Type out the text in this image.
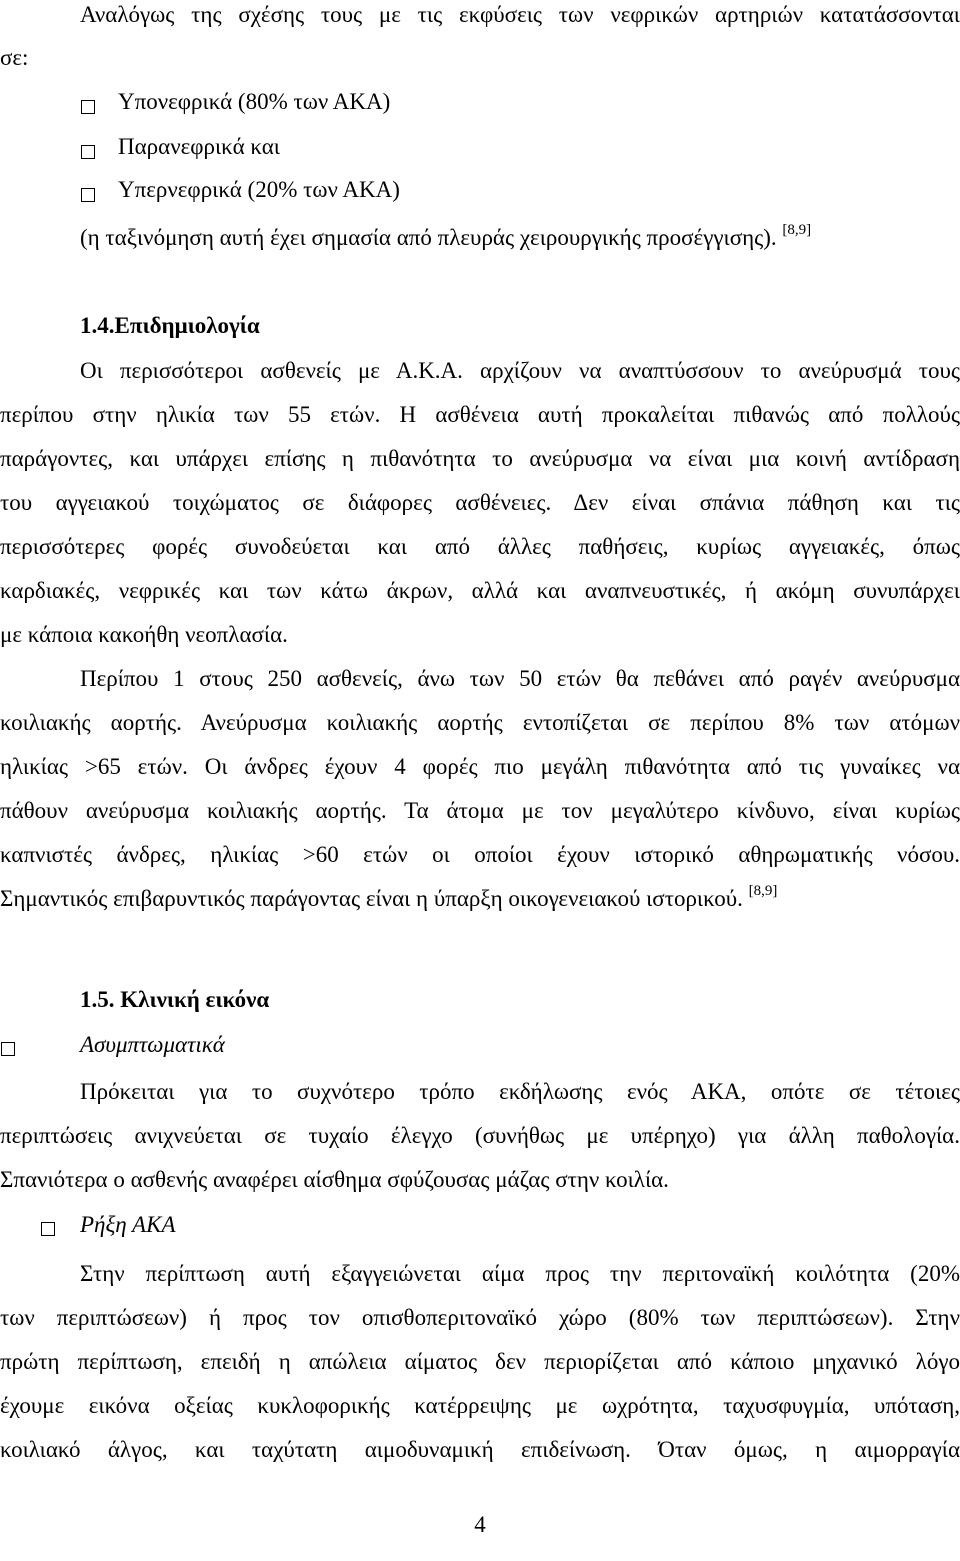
Αναλόγως της σχέσης τους με τις εκφύσεις των νεφρικών αρτηριών κατατάσσονται
σε:
Υπονεφρικά (80% των ΑΚΑ)
Παρανεφρικά και
Υπερνεφρικά (20% των ΑΚΑ)
(η ταξινόμηση αυτή έχει σημασία από πλευράς χειρουργικής προσέγγισης). [8,9]
1.4.Επιδημιολογία
Οι περισσότεροι ασθενείς με Α.Κ.Α. αρχίζουν να αναπτύσσουν το ανεύρυσμά τους
περίπου στην ηλικία των 55 ετών. Η ασθένεια αυτή προκαλείται πιθανώς από πολλούς
παράγοντες, και υπάρχει επίσης η πιθανότητα το ανεύρυσμα να είναι μια κοινή αντίδραση
του αγγειακού τοιχώματος σε διάφορες ασθένειες. Δεν είναι σπάνια πάθηση και τις
περισσότερες φορές συνοδεύεται και από άλλες παθήσεις, κυρίως αγγειακές, όπως
καρδιακές, νεφρικές και των κάτω άκρων, αλλά και αναπνευστικές, ή ακόμη συνυπάρχει
με κάποια κακοήθη νεοπλασία.
Περίπου 1 στους 250 ασθενείς, άνω των 50 ετών θα πεθάνει από ραγέν ανεύρυσμα
κοιλιακής αορτής. Ανεύρυσμα κοιλιακής αορτής εντοπίζεται σε περίπου 8% των ατόμων
ηλικίας >65 ετών. Οι άνδρες έχουν 4 φορές πιο μεγάλη πιθανότητα από τις γυναίκες να
πάθουν ανεύρυσμα κοιλιακής αορτής. Τα άτομα με τον μεγαλύτερο κίνδυνο, είναι κυρίως
καπνιστές άνδρες, ηλικίας >60 ετών οι οποίοι έχουν ιστορικό αθηρωματικής νόσου.
Σημαντικός επιβαρυντικός παράγοντας είναι η ύπαρξη οικογενειακού ιστορικού. [8,9]
1.5. Κλινική εικόνα
Ασυμπτωματικά
Πρόκειται για το συχνότερο τρόπο εκδήλωσης ενός ΑΚΑ, οπότε σε τέτοιες
περιπτώσεις ανιχνεύεται σε τυχαίο έλεγχο (συνήθως με υπέρηχο) για άλλη παθολογία.
Σπανιότερα ο ασθενής αναφέρει αίσθημα σφύζουσας μάζας στην κοιλία.
Ρήξη ΑΚΑ
Στην περίπτωση αυτή εξαγγειώνεται αίμα προς την περιτοναϊκή κοιλότητα (20%
των περιπτώσεων) ή προς τον οπισθοπεριτοναϊκό χώρο (80% των περιπτώσεων). Στην
πρώτη περίπτωση, επειδή η απώλεια αίματος δεν περιορίζεται από κάποιο μηχανικό λόγο
έχουμε εικόνα οξείας κυκλοφορικής κατέρρειψης με ωχρότητα, ταχυσφυγμία, υπόταση,
κοιλιακό άλγος, και ταχύτατη αιμοδυναμική επιδείνωση. Όταν όμως, η αιμορραγία
4
